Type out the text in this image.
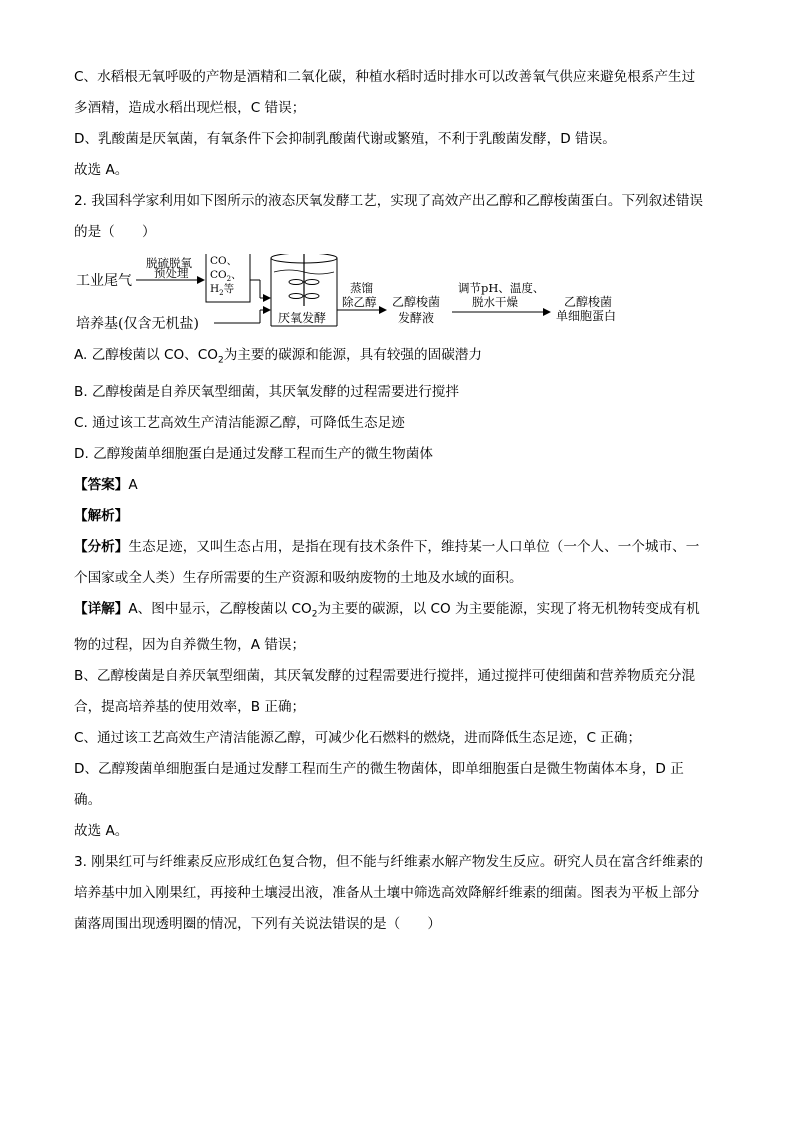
C、水稻根无氧呼吸的产物是酒精和二氧化碳，种植水稻时适时排水可以改善氧气供应来避免根系产生过

多酒精，造成水稻出现烂根，C 错误；

D、乳酸菌是厌氧菌，有氧条件下会抑制乳酸菌代谢或繁殖，不利于乳酸菌发酵，D 错误。

故选 A。

2. 我国科学家利用如下图所示的液态厌氧发酵工艺，实现了高效产出乙醇和乙醇梭菌蛋白。下列叙述错误

的是（　　）

工业尾气
脱硫脱氧
预处理
CO、
$CO_2$、
$H_2$等
厌氧发酵
培养基(仅含无机盐)
蒸馏
除乙醇 乙醇梭菌
发酵液
调节pH、温度、
脱水干燥	乙醇梭菌
单细胞蛋白

A. 乙醇梭菌以 CO、$CO_2$为主要的碳源和能源，具有较强的固碳潜力

B. 乙醇梭菌是自养厌氧型细菌，其厌氧发酵的过程需要进行搅拌

C. 通过该工艺高效生产清洁能源乙醇，可降低生态足迹

D. 乙醇羧菌单细胞蛋白是通过发酵工程而生产的微生物菌体

【答案】A

【解析】

【分析】生态足迹，又叫生态占用，是指在现有技术条件下，维持某一人口单位（一个人、一个城市、一

个国家或全人类）生存所需要的生产资源和吸纳废物的土地及水域的面积。

【详解】A、图中显示，乙醇梭菌以 $CO_2$为主要的碳源，以 CO 为主要能源，实现了将无机物转变成有机

物的过程，因为自养微生物，A 错误；

B、乙醇梭菌是自养厌氧型细菌，其厌氧发酵的过程需要进行搅拌，通过搅拌可使细菌和营养物质充分混

合，提高培养基的使用效率，B 正确；

C、通过该工艺高效生产清洁能源乙醇，可减少化石燃料的燃烧，进而降低生态足迹，C 正确；

D、乙醇羧菌单细胞蛋白是通过发酵工程而生产的微生物菌体，即单细胞蛋白是微生物菌体本身，D 正

确。

故选 A。

3. 刚果红可与纤维素反应形成红色复合物，但不能与纤维素水解产物发生反应。研究人员在富含纤维素的

培养基中加入刚果红，再接种土壤浸出液，准备从土壤中筛选高效降解纤维素的细菌。图表为平板上部分

菌落周围出现透明圈的情况，下列有关说法错误的是（　　）
